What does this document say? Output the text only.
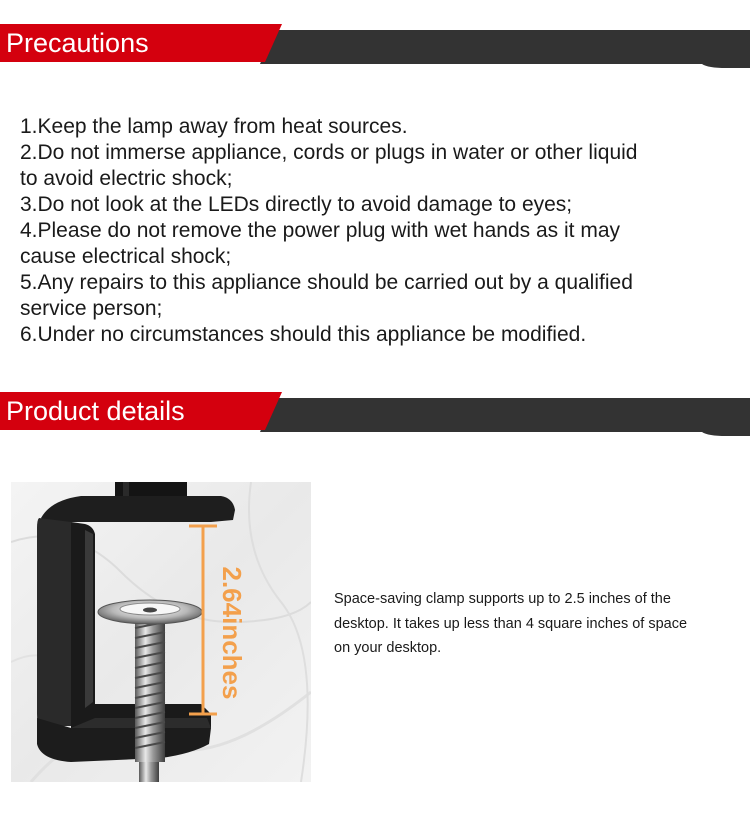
Precautions
1.Keep the lamp away from heat sources.
2.Do not immerse appliance, cords or plugs in water or other liquid
to avoid electric shock;
3.Do not look at the LEDs directly to avoid damage to eyes;
4.Please do not remove the power plug with wet hands as it may
cause electrical shock;
5.Any repairs to this appliance should be carried out by a qualified
service person;
6.Under no circumstances should this appliance be modified.
Product details
2.64inches	Space-saving clamp supports up to 2.5 inches of the
desktop. It takes up less than 4 square inches of space
on your desktop.
